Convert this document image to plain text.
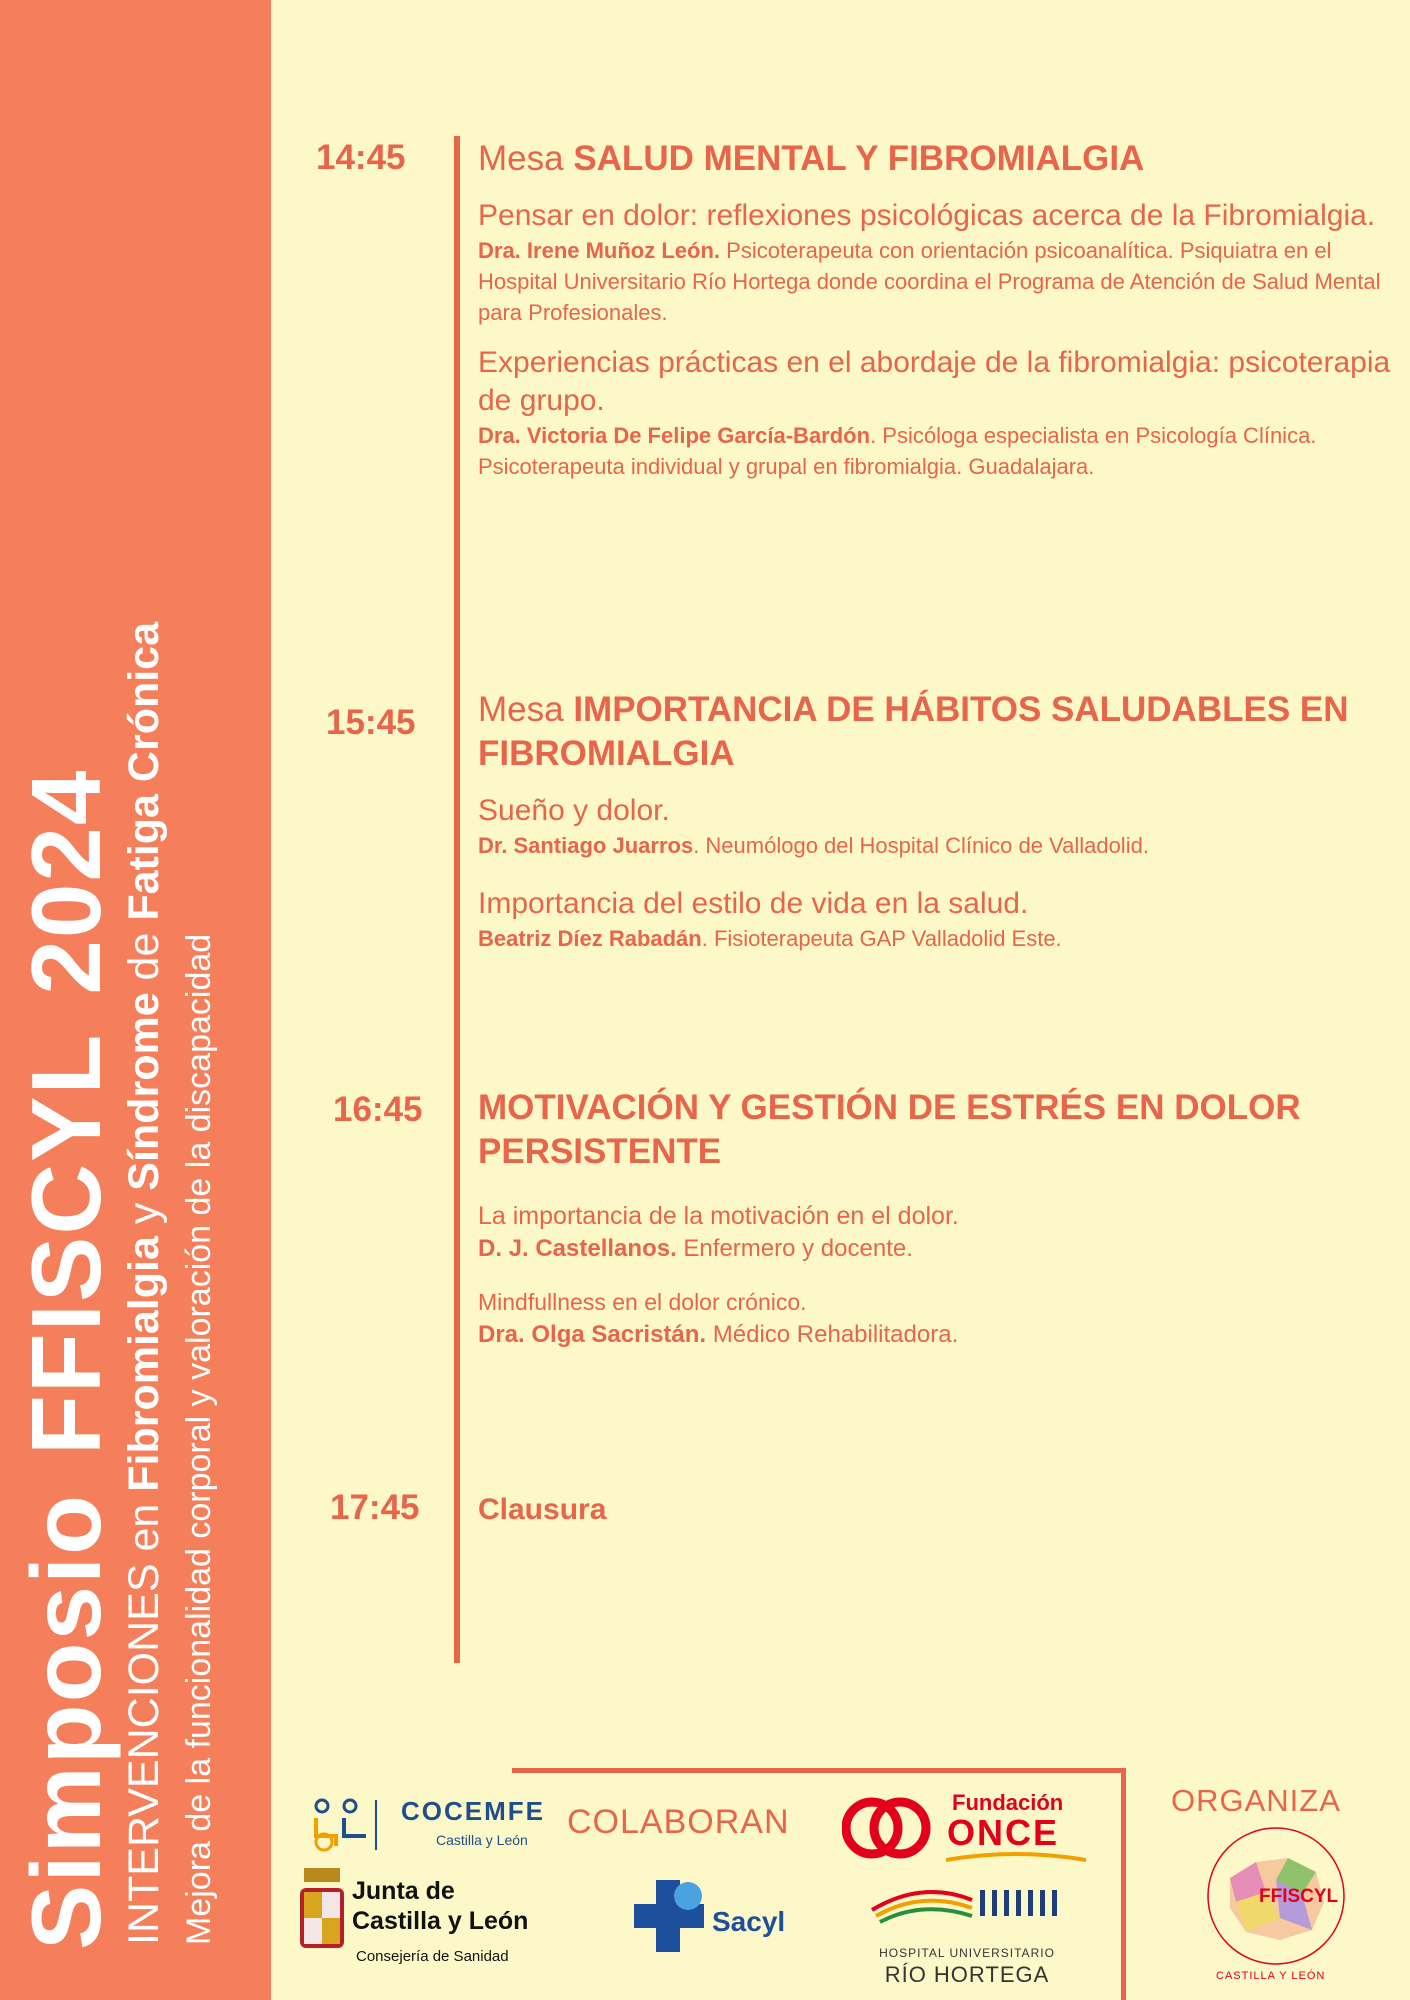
SimposioFFISCYL2024
INTERVENCIONES en Fibromialgia y Síndrome de Fatiga Crónica
Mejora de la funcionalidad corporal y valoración de la discapacidad
14:45 Mesa SALUD MENTAL Y FIBROMIALGIA
Pensar en dolor: reflexiones psicológicas acerca de la Fibromialgia.
Dra. Irene Muñoz León. Psicoterapeuta con orientación psicoanalítica. Psiquiatra en el Hospital Universitario Río Hortega donde coordina el Programa de Atención de Salud Mental para Profesionales.
Experiencias prácticas en el abordaje de la fibromialgia: psicoterapia de grupo.
Dra. Victoria De Felipe García-Bardón. Psicóloga especialista en Psicología Clínica. Psicoterapeuta individual y grupal en fibromialgia. Guadalajara.
15:45 Mesa IMPORTANCIA DE HÁBITOS SALUDABLES EN FIBROMIALGIA
Sueño y dolor.
Dr. Santiago Juarros. Neumólogo del Hospital Clínico de Valladolid.
Importancia del estilo de vida en la salud.
Beatriz Díez Rabadán. Fisioterapeuta GAP Valladolid Este.
16:45 MOTIVACIÓN Y GESTIÓN DE ESTRÉS EN DOLOR PERSISTENTE
La importancia de la motivación en el dolor.
D. J. Castellanos. Enfermero y docente.
Mindfullness en el dolor crónico.
Dra. Olga Sacristán. Médico Rehabilitadora.
17:45 Clausura
COLABORAN
ORGANIZA
COCEMFE
Castilla y León
Fundación
ONCE
Junta de
Castilla y León
Consejería de Sanidad
Sacyl
HOSPITAL UNIVERSITARIO
RÍO HORTEGA
FFISCYL
CASTILLA Y LEÓN
